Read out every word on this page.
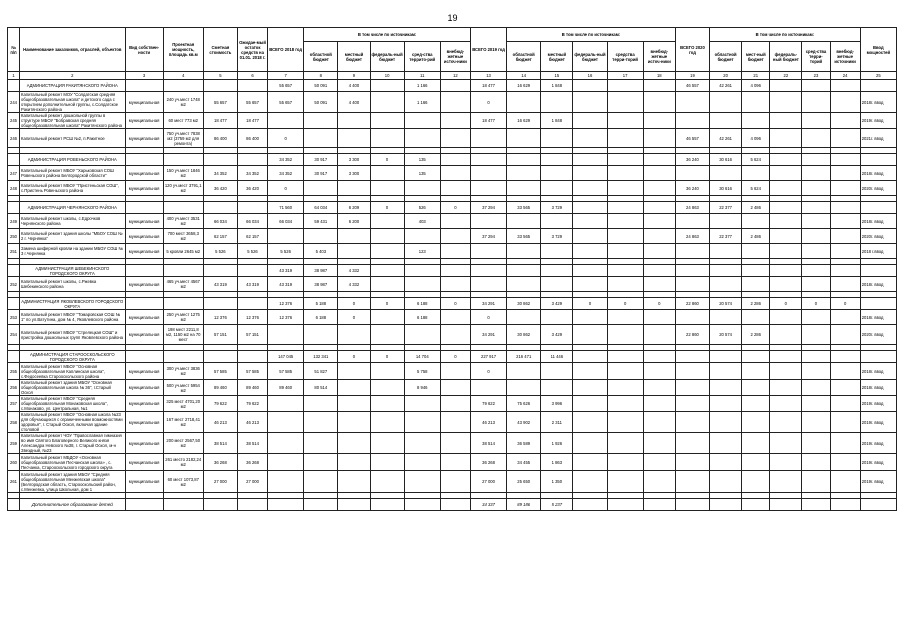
19
№ п/п	Наименование заказчиков, отраслей, объектов	Вид собствен-ности	Проектная мощность, площадь кв.м	Сметная стоимость	Ожидае-мый остаток средств на 01.01. 2018 г.	ВСЕГО 2018 год	В том числе по источникам:					ВСЕГО 2019 год	В том числе по источникам:					ВСЕГО 2020 год	В том числе по источникам:					Ввод мощностей
							областной бюджет	местный бюджет	федераль-ный бюджет	сред-ства террито-рий	внебюд-жетные источ-ники		областной бюджет	местный бюджет	федераль-ный бюджет	средства терри-торий	внебюд-жетные источ-ники		областной бюджет	мест-ный бюджет	федераль-ный бюджет	сред-ства терри-торий	внебюд-жетные источники	
1	2	3	4	5	6	7	8	9	10	11	12	13	14	15	16	17	18	19	20	21	22	23	24	25
	АДМИНИСТРАЦИЯ РАКИТЯНСКОГО РАЙОНА					55 657	50 091	4 400		1 166		18 477	16 629	1 848				46 557	42 261	4 096				
244	Капитальный ремонт МОУ "Солдатская средняя общеобразовательная школа" и детского сада с открытием дополнительной группы, с.Солдатское Ракитянского района	муниципальная	240 уч.мест 1748 м2	55 657	55 657	55 657	50 091	4 400		1 166		0												2018г. ввод
245	Капитальный ремонт дошкольной группы в структуре МБОУ "Бобравская средняя общеобразовательная школа" Ракитянского района	муниципальная	60 мест 773 м2	18 477	18 477							18 477	16 629	1 848										2019г. ввод
246	Капитальный ремонт РСШ №2, п.Ракитное	муниципальная	750 уч.мест 7838 м2 (3759 м2 для ремонта)	86 400	86 400	0												46 557	42 261	4 096				2021г. ввод

	АДМИНИСТРАЦИЯ РОВЕНЬСКОГО РАЙОНА					34 352	30 917	3 300	0	135								36 240	30 616	5 624				
247	Капитальный ремонт МБОУ "Харьковская СОШ Ровеньского района Белгородской области"	муниципальная	150 уч.мест 1846 м2	34 352	34 352	34 352	30 917	3 300		135														2018г. ввод
248	Капитальный ремонт МБОУ "Пристеньская СОШ", с.Пристень Ровеньского района	муниципальная	120 уч.мест 3791,1 м2	36 420	36 420	0												36 240	30 616	5 624				2020г. ввод

	АДМИНИСТРАЦИЯ ЧЕРНЯНСКОГО РАЙОНА					71 560	64 034	6 209	0	526	0	37 294	33 565	3 729				24 863	22 377	2 486				
249	Капитальный ремонт школы, с.Едрочков Чернянского района	муниципальная	400 уч.мест 3531 м2	66 034	66 034	66 034	59 431	6 200		403														2018г. ввод
250	Капитальный ремонт здания школы "МБОУ СОШ № 2 г. Чернянка"	муниципальная	700 мест 3658,3 м2	62 157	62 157							37 294	33 565	3 729				24 863	22 377	2 486				2020г. ввод
251	Замена шиферной кровли на здании МБОУ СОШ № 3 г.Чернянка	муниципальная	5 кровли 2645 м2	5 526	5 526	5 526	5 403			123														2018 г.ввод

	АДМИНИСТРАЦИЯ ШЕБЕКИНСКОГО ГОРОДСКОГО ОКРУГА					43 319	38 987	4 332																
252	Капитальный ремонт школы, с.Ржевка Шебекинского района	муниципальная	465 уч.мест 4567 м2	43 319	43 319	43 319	38 987	4 332																2018г. ввод

	АДМИНИСТРАЦИЯ ЯКОВЛЕВСКОГО ГОРОДСКОГО ОКРУГА					12 376	5 188	0	0	6 188	0	34 291	30 862	3 429	0	0	0	22 860	20 574	2 286	0	0	0	
253	Капитальный ремонт МБОУ "Томаровская СОШ № 1" по ул.Ватутина, дом № 4, Яковлевского района	муниципальная	250 уч.мест 1275 м2	12 376	12 376	12 376	6 188	0		6 188		0												2018г. ввод
254	Капитальный ремонт МБОУ "Стрелецкая СОШ" и пристройка дошкольных групп Яковлевского района	муниципальная	198 мест 2211,8 м2, 1150 м2 на 70 мест	57 151	57 151							34 291	30 862	3 429				22 860	20 574	2 286				2020г. ввод

	АДМИНИСТРАЦИЯ СТАРООСКОЛЬСКОГО ГОРОДСКОГО ОКРУГА					147 045	132 341	0	0	14 704	0	227 917	216 471	11 446										
255	Капитальный ремонт МБОУ "Основная общеобразовательная Каплинская школа", с.Федосеевка Старооскольского района	муниципальная	300 уч.мест 3836 м2	57 585	57 585	57 585	51 827			5 758		0												2018г. ввод
256	Капитальный ремонт здания МБОУ "Основная общеобразовательная школа № 36", г.Старый Оскол	муниципальная	500 уч.мест 5954 м2	89 460	89 460	89 460	80 514			8 946														2018г. ввод
257	Капитальный ремонт МБОУ "Средняя общеобразовательная Монаковская школа", с.Монаково, ул. Центральная, №1	муниципальная	325 мест 4701,20 м2	79 622	79 622							79 622	75 626	3 996										2019г. ввод
258	Капитальный ремонт МБОУ "Основная школа №23 для обучающихся с ограниченными возможностями здоровья", г. Старый Оскол, включая здание столовой	муниципальная	167 мест 2718,41 м2	46 213	46 213							46 213	43 902	2 311										2019г. ввод
259	Капитальный ремонт ЧОУ "Православная гимназия во имя Святого Благоверного Великого князя Александра Невского №38, г. Старый Оскол, м-н Звездный, №23	муниципальная	200 мест 2567,50 м2	38 514	38 514							38 514	36 589	1 926										2019г. ввод
260	Капитальный ремонт МБДОУ «Основная общеобразовательная Песчанская школа» , с. Песчанка, Старооскольского городского округа	муниципальная	261 место 2182,24 м2	36 268	36 268							36 268	34 455	1 863										2019г. ввод
261	Капитальный ремонт здания МБОУ "Средняя общеобразовательная Менжевская школа" (Белгородская область, Старооскольский район, с.Менжевка, улица Школьная, дом 1	муниципальная	60 мест 1073,87 м2	27 000	27 000							27 000	25 650	1 350										2019г. ввод

	Дополнительное образование детей											34 337	89 186	5 237										
